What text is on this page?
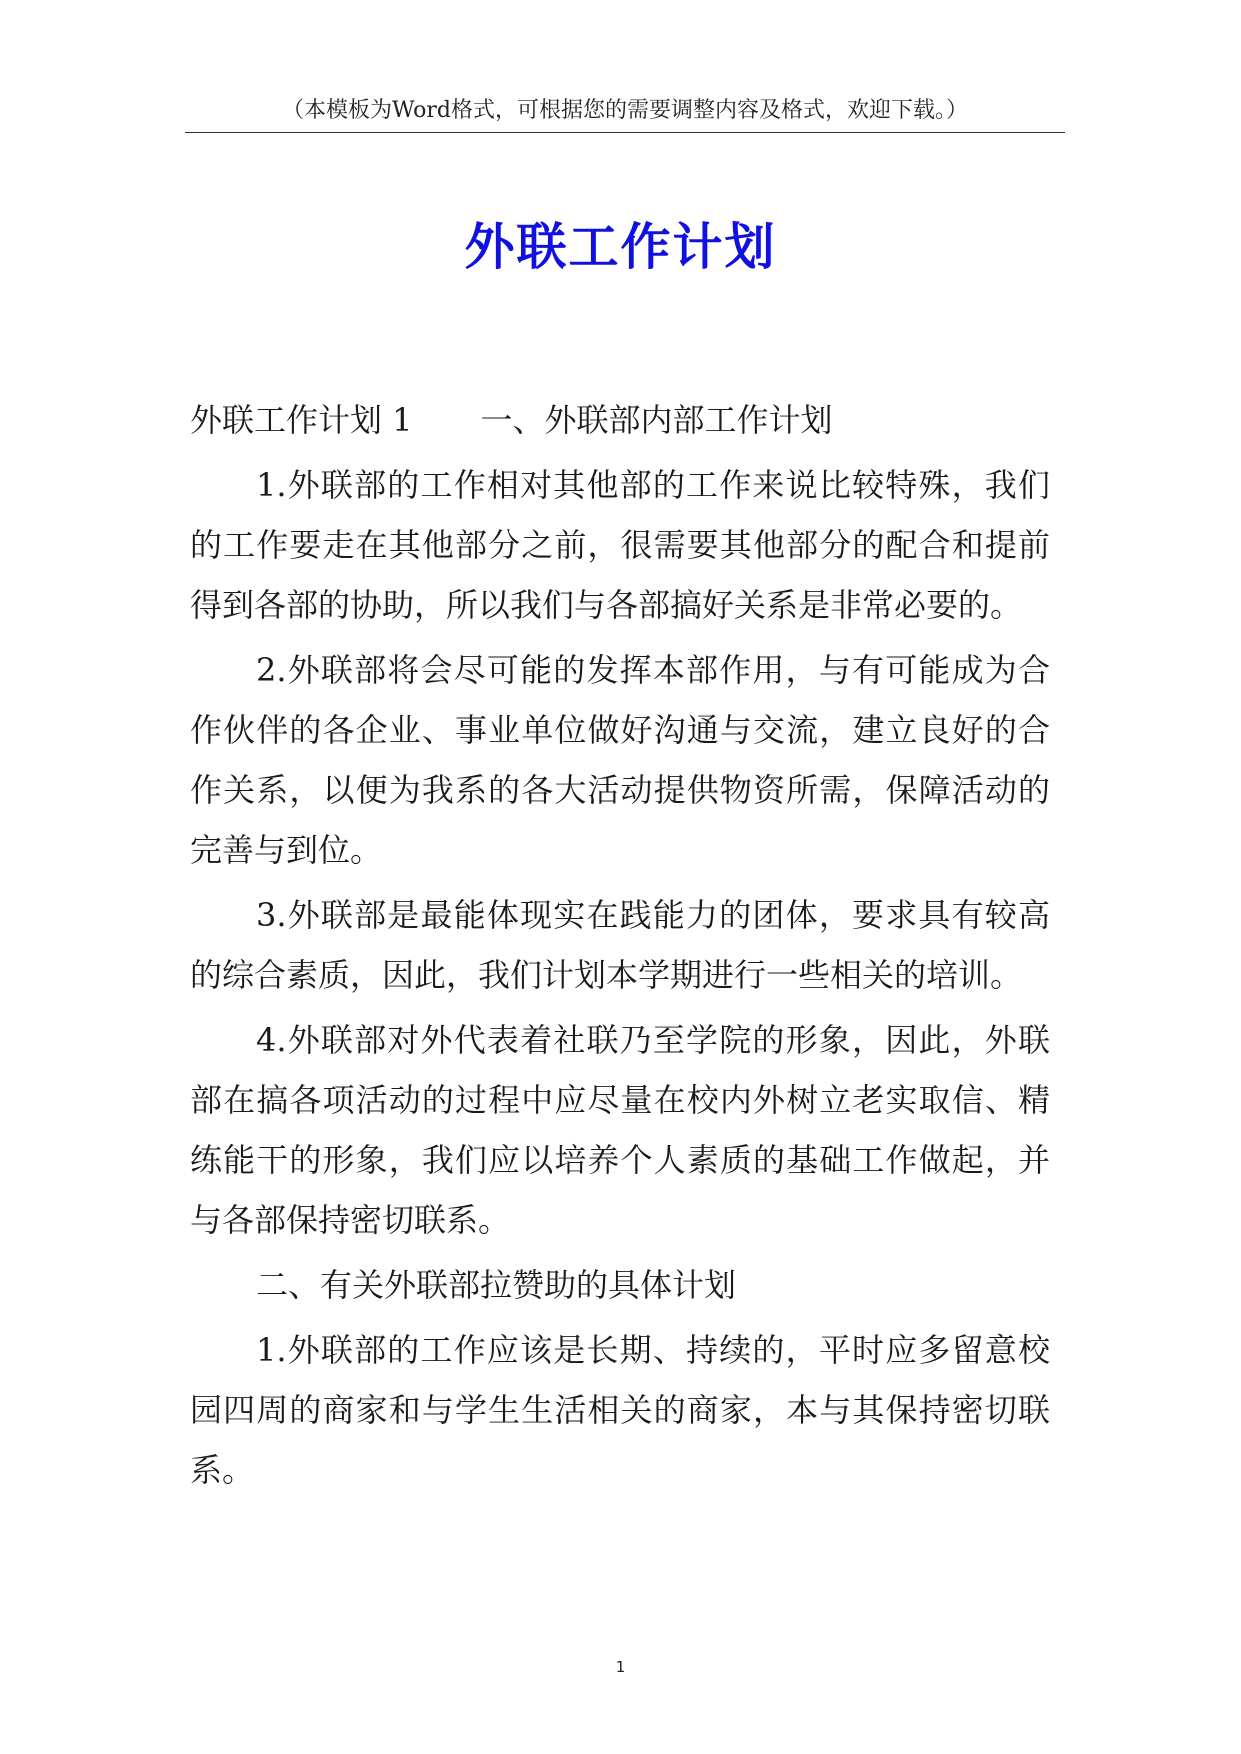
（本模板为Word格式，可根据您的需要调整内容及格式，欢迎下载。）
外联工作计划

外联工作计划 1 一、外联部内部工作计划

1.外联部的工作相对其他部的工作来说比较特殊，我们的工作要走在其他部分之前，很需要其他部分的配合和提前得到各部的协助，所以我们与各部搞好关系是非常必要的。

2.外联部将会尽可能的发挥本部作用，与有可能成为合作伙伴的各企业、事业单位做好沟通与交流，建立良好的合作关系，以便为我系的各大活动提供物资所需，保障活动的完善与到位。

3.外联部是最能体现实在践能力的团体，要求具有较高的综合素质，因此，我们计划本学期进行一些相关的培训。

4.外联部对外代表着社联乃至学院的形象，因此，外联部在搞各项活动的过程中应尽量在校内外树立老实取信、精练能干的形象，我们应以培养个人素质的基础工作做起，并与各部保持密切联系。

二、有关外联部拉赞助的具体计划

1.外联部的工作应该是长期、持续的，平时应多留意校园四周的商家和与学生生活相关的商家，本与其保持密切联系。

1
